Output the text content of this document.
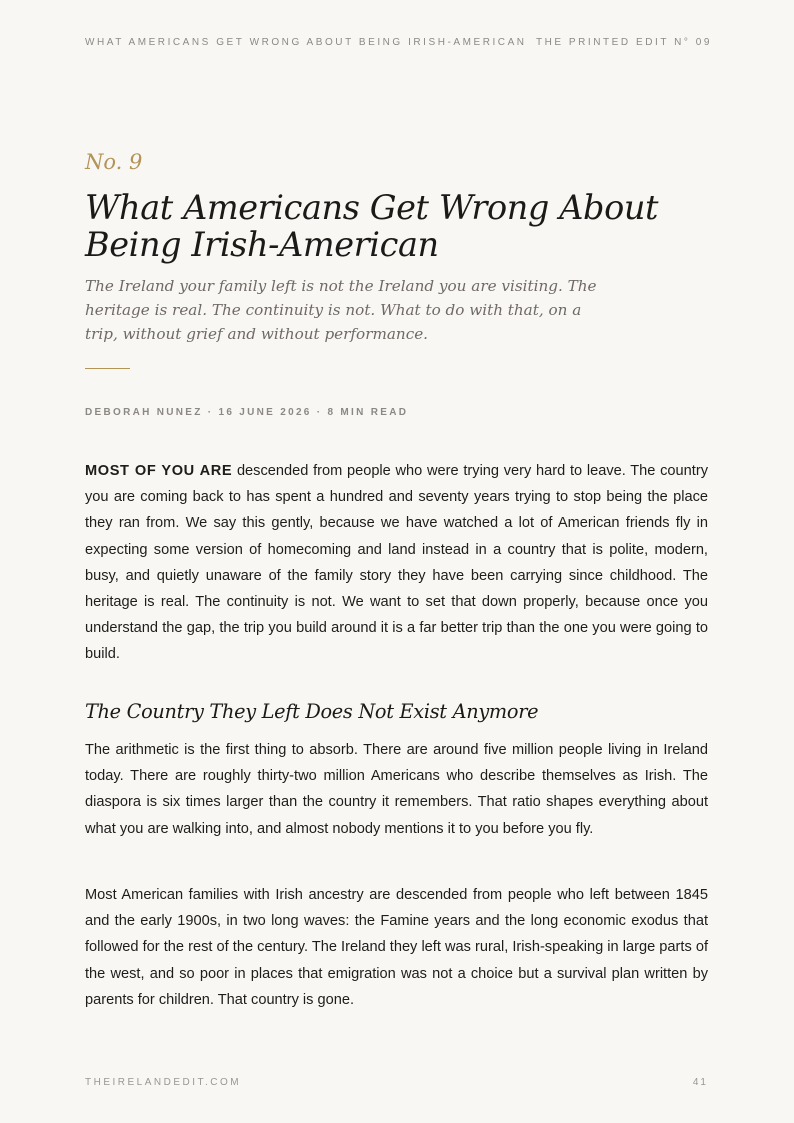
WHAT AMERICANS GET WRONG ABOUT BEING IRISH-AMERICAN THE PRINTED EDIT N° 09
No. 9
What Americans Get Wrong About Being Irish-American

The Ireland your family left is not the Ireland you are visiting. The heritage is real. The continuity is not. What to do with that, on a trip, without grief and without performance.

DEBORAH NUNEZ · 16 JUNE 2026 · 8 MIN READ

MOST OF YOU ARE descended from people who were trying very hard to leave. The country you are coming back to has spent a hundred and seventy years trying to stop being the place they ran from. We say this gently, because we have watched a lot of American friends fly in expecting some version of homecoming and land instead in a country that is polite, modern, busy, and quietly unaware of the family story they have been carrying since childhood. The heritage is real. The continuity is not. We want to set that down properly, because once you understand the gap, the trip you build around it is a far better trip than the one you were going to build.

The Country They Left Does Not Exist Anymore

The arithmetic is the first thing to absorb. There are around five million people living in Ireland today. There are roughly thirty-two million Americans who describe themselves as Irish. The diaspora is six times larger than the country it remembers. That ratio shapes everything about what you are walking into, and almost nobody mentions it to you before you fly.

Most American families with Irish ancestry are descended from people who left between 1845 and the early 1900s, in two long waves: the Famine years and the long economic exodus that followed for the rest of the century. The Ireland they left was rural, Irish-speaking in large parts of the west, and so poor in places that emigration was not a choice but a survival plan written by parents for children. That country is gone.

THEIRELANDEDIT.COM	41
